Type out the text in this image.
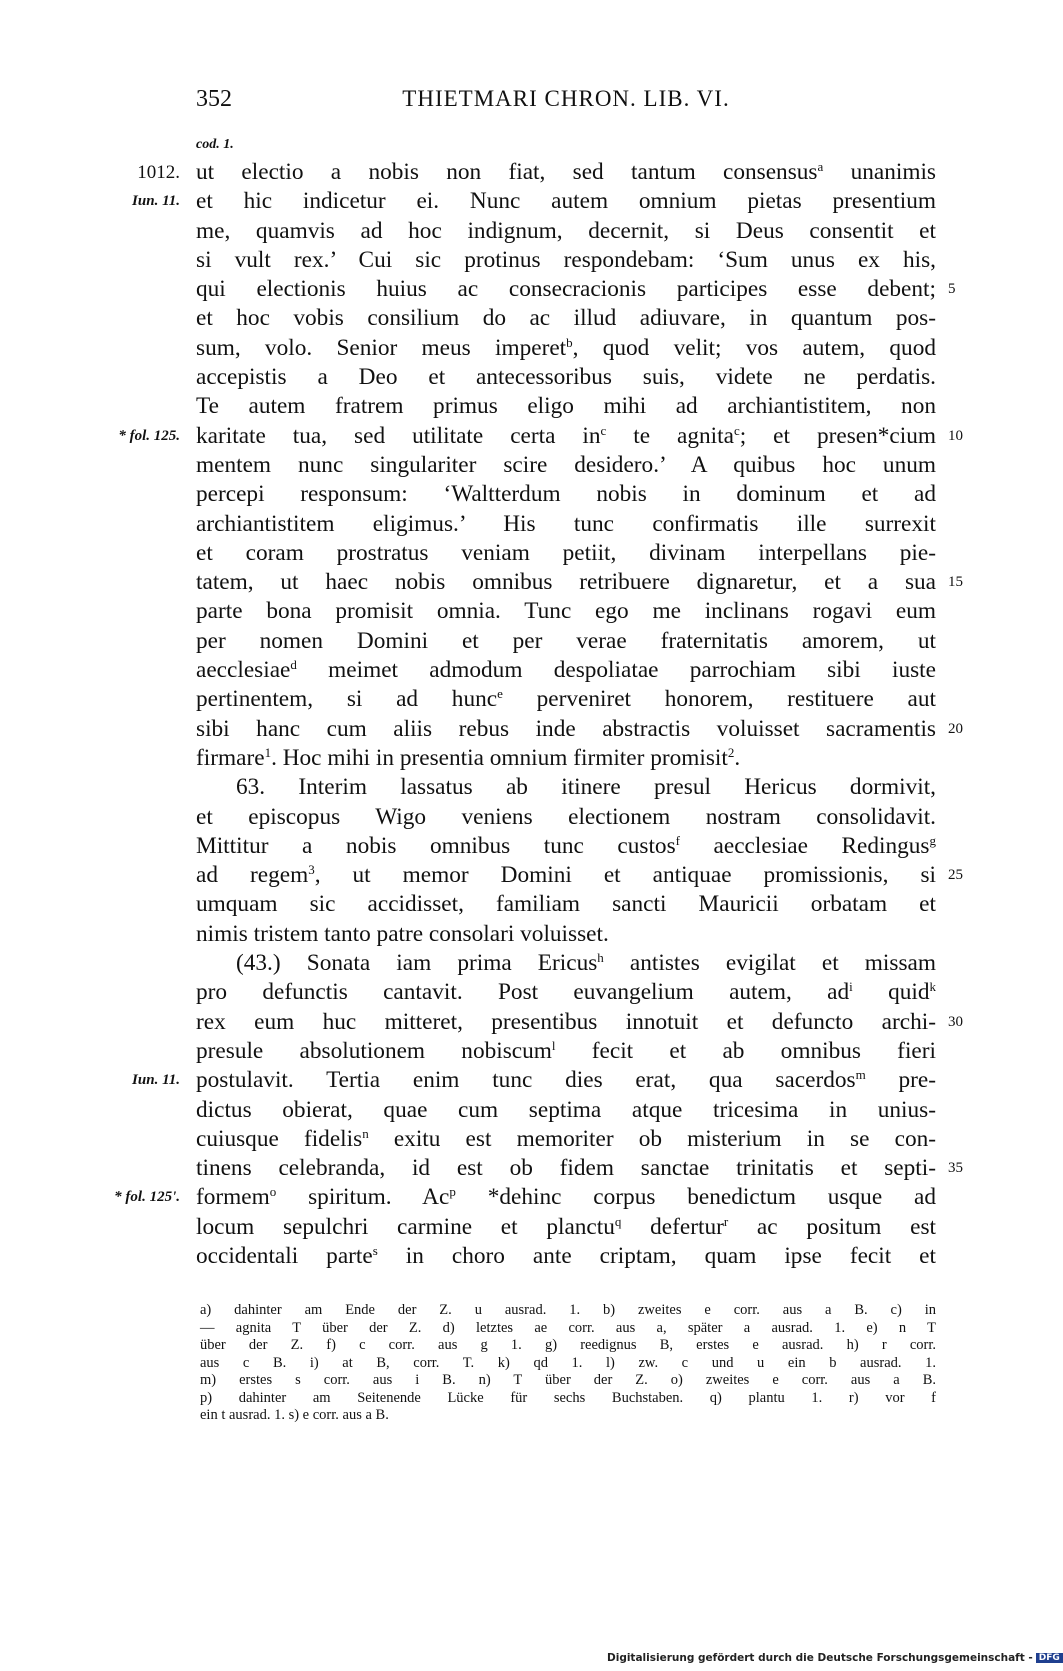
352	THIETMARI CHRON. LIB. VI.
cod. 1.
ut electio a nobis non fiat, sed tantum consensus$^a$ unanimis
1012.
et hic indicetur ei. Nunc autem omnium pietas presentium
Iun. 11.
me, quamvis ad hoc indignum, decernit, si Deus consentit et
si vult rex.’ Cui sic protinus respondebam: ‘Sum unus ex his,
qui electionis huius ac consecracionis participes esse debent; 5
et hoc vobis consilium do ac illud adiuvare, in quantum pos-
sum, volo. Senior meus imperet$^b$, quod velit; vos autem, quod
accepistis a Deo et antecessoribus suis, videte ne perdatis.
Te autem fratrem primus eligo mihi ad archiantistitem, non
karitate tua, sed utilitate certa $in^c$ te agnita$^c$; et presen*cium
* fol. 125.	10
mentem nunc singulariter scire desidero.’ A quibus hoc unum
percepi responsum: ‘Waltterdum nobis in dominum et ad
archiantistitem eligimus.’ His tunc confirmatis ille surrexit
et coram prostratus veniam petiit, divinam interpellans pie-
tatem, ut haec nobis omnibus retribuere dignaretur, et a sua 15
parte bona promisit omnia. Tunc ego me inclinans rogavi eum
per nomen Domini et per verae fraternitatis amorem, ut
aecclesiae$^d$ meimet admodum despoliatae parrochiam sibi iuste
pertinentem, si ad hunc$^e$ perveniret honorem, restituere aut
sibi hanc cum aliis rebus inde abstractis voluisset sacramentis 20
firmare$^1$. Hoc mihi in presentia omnium firmiter promisit$^2$.
63. Interim lassatus ab itinere presul Hericus dormivit,
et episcopus Wigo veniens electionem nostram consolidavit.
Mittitur a nobis omnibus tunc custos$^f$ aecclesiae Redingus$^g$
ad regem$^3$, ut memor Domini et antiquae promissionis, si 25
umquam sic accidisset, familiam sancti Mauricii orbatam et
nimis tristem tanto patre consolari voluisset.
(43.) Sonata iam prima Ericus$^h$ antistes evigilat et missam
pro defunctis cantavit. Post euvangelium autem, $ad^i$ quid$^k$
rex eum huc mitteret, presentibus innotuit et defuncto archi- 30
presule absolutionem nobiscum$^l$ fecit et ab omnibus fieri
postulavit. Tertia enim tunc dies erat, qua sacerdos$^m$ pre-
Iun. 11.
dictus obierat, quae cum septima atque tricesima in unius-
cuiusque fidelis$^n$ exitu est memoriter ob misterium in se con-
tinens celebranda, id est ob fidem sanctae trinitatis et septi- 35
formem$^o$ spiritum. Ac$^p$ *dehinc corpus benedictum usque ad
* fol. 125'.
locum sepulchri carmine et planctu$^q$ defertur$^r$ ac positum est
occidentali parte$^s$ in choro ante criptam, quam ipse fecit et
a) dahinter am Ende der Z. u ausrad. 1. b) zweites e corr. aus a B. c) in
— agnita T über der Z. d) letztes ae corr. aus a, später a ausrad. 1. e) n T
über der Z. f) c corr. aus g 1. g) reedignus B, erstes e ausrad. h) r corr.
aus c B. i) at B, corr. T. k) qd 1. l) zw. c und u ein b ausrad. 1.
m) erstes s corr. aus i B. n) T über der Z. o) zweites e corr. aus a B.
p) dahinter am Seitenende Lücke für sechs Buchstaben. q) plantu 1. r) vor f
ein t ausrad. 1. s) e corr. aus a B.
Digitalisierung gefördert durch die Deutsche Forschungsgemeinschaft - DFG
